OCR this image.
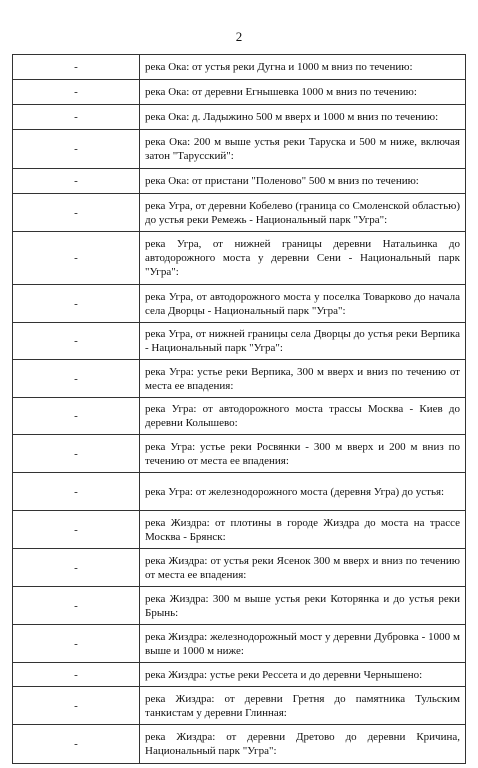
2
-	река Ока: от устья реки Дугна и 1000 м вниз по течению:

-	река Ока: от деревни Егнышевка 1000 м вниз по течению:

-	река Ока: д. Ладыжино 500 м вверх и 1000 м вниз по течению:

-	река Ока: 200 м выше устья реки Таруска и 500 м ниже, включая затон "Тарусский":

-	река Ока: от пристани "Поленово" 500 м вниз по течению:

-	река Угра, от деревни Кобелево (граница со Смоленской областью) до устья реки Ремежь - Национальный парк "Угра":

-	река Угра, от нижней границы деревни Натальинка до автодорожного моста у деревни Сени - Национальный парк "Угра":

-	река Угра, от автодорожного моста у поселка Товарково до начала села Дворцы - Национальный парк "Угра":

-	река Угра, от нижней границы села Дворцы до устья реки Вepпика - Национальный парк "Угра":

-	река Угра: устье реки Вepпика, 300 м вверх и вниз по течению от места ее впадения:

-	река Угра: от автодорожного моста трассы Москва - Киев до деревни Колышево:

-	река Угра: устье реки Росвянки - 300 м вверх и 200 м вниз по течению от места ее впадения:

-	река Угра: от железнодорожного моста (деревня Угра) до устья:

-	река Жиздра: от плотины в городе Жиздра до моста на трассе Москва - Брянск:

-	река Жиздра: от устья реки Ясенок 300 м вверх и вниз по течению от места ее впадения:

-	река Жиздра: 300 м выше устья реки Которянка и до устья реки Брынь:

-	река Жиздра: железнодорожный мост у деревни Дубровка - 1000 м выше и 1000 м ниже:

-	река Жиздра: устье реки Рессета и до деревни Чернышено:

-	река Жиздра: от деревни Гретня до памятника Тульским танкистам у деревни Глинная:

-	река Жиздра: от деревни Дретово до деревни Кричина, Национальный парк "Угра":
